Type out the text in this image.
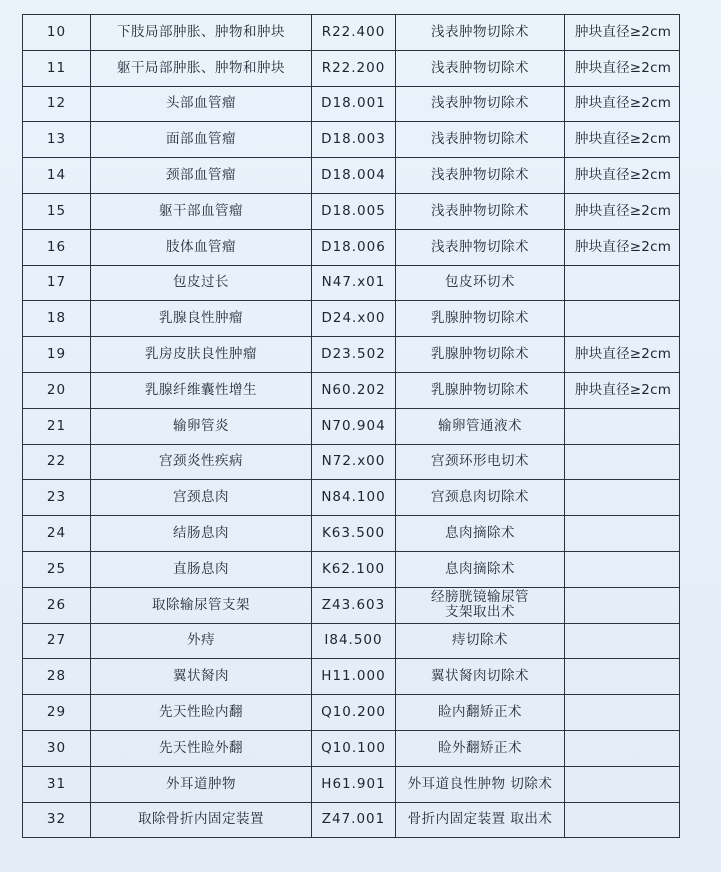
10	下肢局部肿胀、肿物和肿块	R22.400	浅表肿物切除术	肿块直径≥2cm
11	躯干局部肿胀、肿物和肿块	R22.200	浅表肿物切除术	肿块直径≥2cm
12	头部血管瘤	D18.001	浅表肿物切除术	肿块直径≥2cm
13	面部血管瘤	D18.003	浅表肿物切除术	肿块直径≥2cm
14	颈部血管瘤	D18.004	浅表肿物切除术	肿块直径≥2cm
15	躯干部血管瘤	D18.005	浅表肿物切除术	肿块直径≥2cm
16	肢体血管瘤	D18.006	浅表肿物切除术	肿块直径≥2cm
17	包皮过长	N47.x01	包皮环切术	
18	乳腺良性肿瘤	D24.x00	乳腺肿物切除术	
19	乳房皮肤良性肿瘤	D23.502	乳腺肿物切除术	肿块直径≥2cm
20	乳腺纤维囊性增生	N60.202	乳腺肿物切除术	肿块直径≥2cm
21	输卵管炎	N70.904	输卵管通液术	
22	宫颈炎性疾病	N72.x00	宫颈环形电切术	
23	宫颈息肉	N84.100	宫颈息肉切除术	
24	结肠息肉	K63.500	息肉摘除术	
25	直肠息肉	K62.100	息肉摘除术	
26	取除输尿管支架	Z43.603	经膀胱镜输尿管
支架取出术	
27	外痔	I84.500	痔切除术	
28	翼状胬肉	H11.000	翼状胬肉切除术	
29	先天性睑内翻	Q10.200	睑内翻矫正术	
30	先天性睑外翻	Q10.100	睑外翻矫正术	
31	外耳道肿物	H61.901	外耳道良性肿物 切除术	
32	取除骨折内固定装置	Z47.001	骨折内固定装置 取出术	
